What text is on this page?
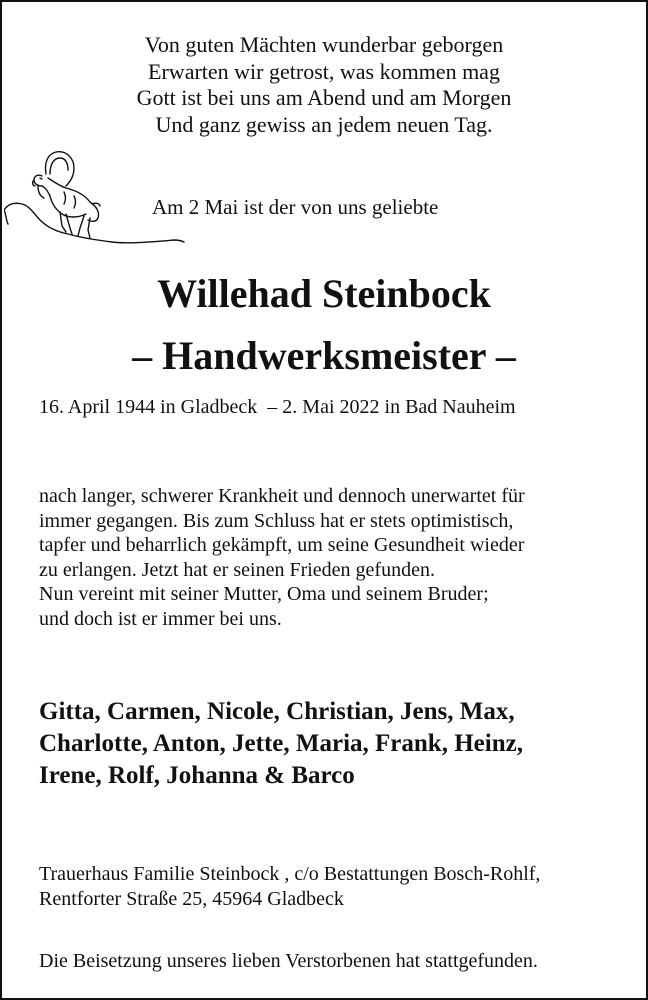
Von guten Mächten wunderbar geborgen
Erwarten wir getrost, was kommen mag
Gott ist bei uns am Abend und am Morgen
Und ganz gewiss an jedem neuen Tag.
Am 2 Mai ist der von uns geliebte
Willehad Steinbock
– Handwerksmeister –
16. April 1944 in Gladbeck  – 2. Mai 2022 in Bad Nauheim
nach langer, schwerer Krankheit und dennoch unerwartet für
immer gegangen. Bis zum Schluss hat er stets optimistisch,
tapfer und beharrlich gekämpft, um seine Gesundheit wieder
zu erlangen. Jetzt hat er seinen Frieden gefunden.
Nun vereint mit seiner Mutter, Oma und seinem Bruder;
und doch ist er immer bei uns.
Gitta, Carmen, Nicole, Christian, Jens, Max,
Charlotte, Anton, Jette, Maria, Frank, Heinz,
Irene, Rolf, Johanna & Barco
Trauerhaus Familie Steinbock , c/o Bestattungen Bosch-Rohlf,
Rentforter Straße 25, 45964 Gladbeck
Die Beisetzung unseres lieben Verstorbenen hat stattgefunden.
